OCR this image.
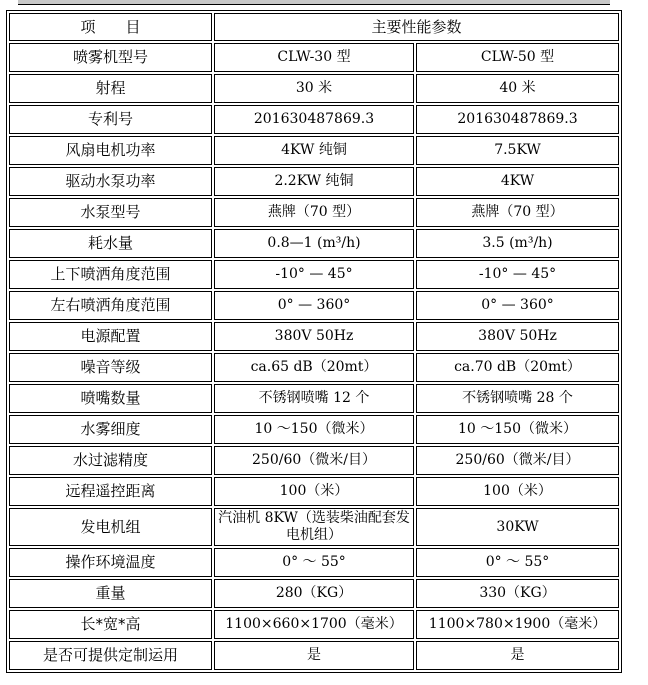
项　　目	主要性能参数	
喷雾机型号	CLW-30 型	CLW-50 型
射程	30 米	40 米
专利号	201630487869.3	201630487869.3
风扇电机功率	4KW 纯铜	7.5KW
驱动水泵功率	2.2KW 纯铜	4KW
水泵型号	燕牌（70 型）	燕牌（70 型）
耗水量	0.8—1 (m³/h)	3.5 (m³/h)
上下喷洒角度范围	-10° — 45°	-10° — 45°
左右喷洒角度范围	0° — 360°	0° — 360°
电源配置	380V 50Hz	380V 50Hz
噪音等级	ca.65 dB（20mt）	ca.70 dB（20mt）
喷嘴数量	不锈钢喷嘴 12 个	不锈钢喷嘴 28 个
水雾细度	10 ～150（微米）	10 ～150（微米）
水过滤精度	250/60（微米/目）	250/60（微米/目）
远程遥控距离	100（米）	100（米）
发电机组	汽油机 8KW（选装柴油配套发电机组）	30KW
操作环境温度	0° ～ 55°	0° ～ 55°
重量	280（KG）	330（KG）
长*宽*高	1100×660×1700（毫米）	1100×780×1900（毫米）
是否可提供定制运用	是	是
